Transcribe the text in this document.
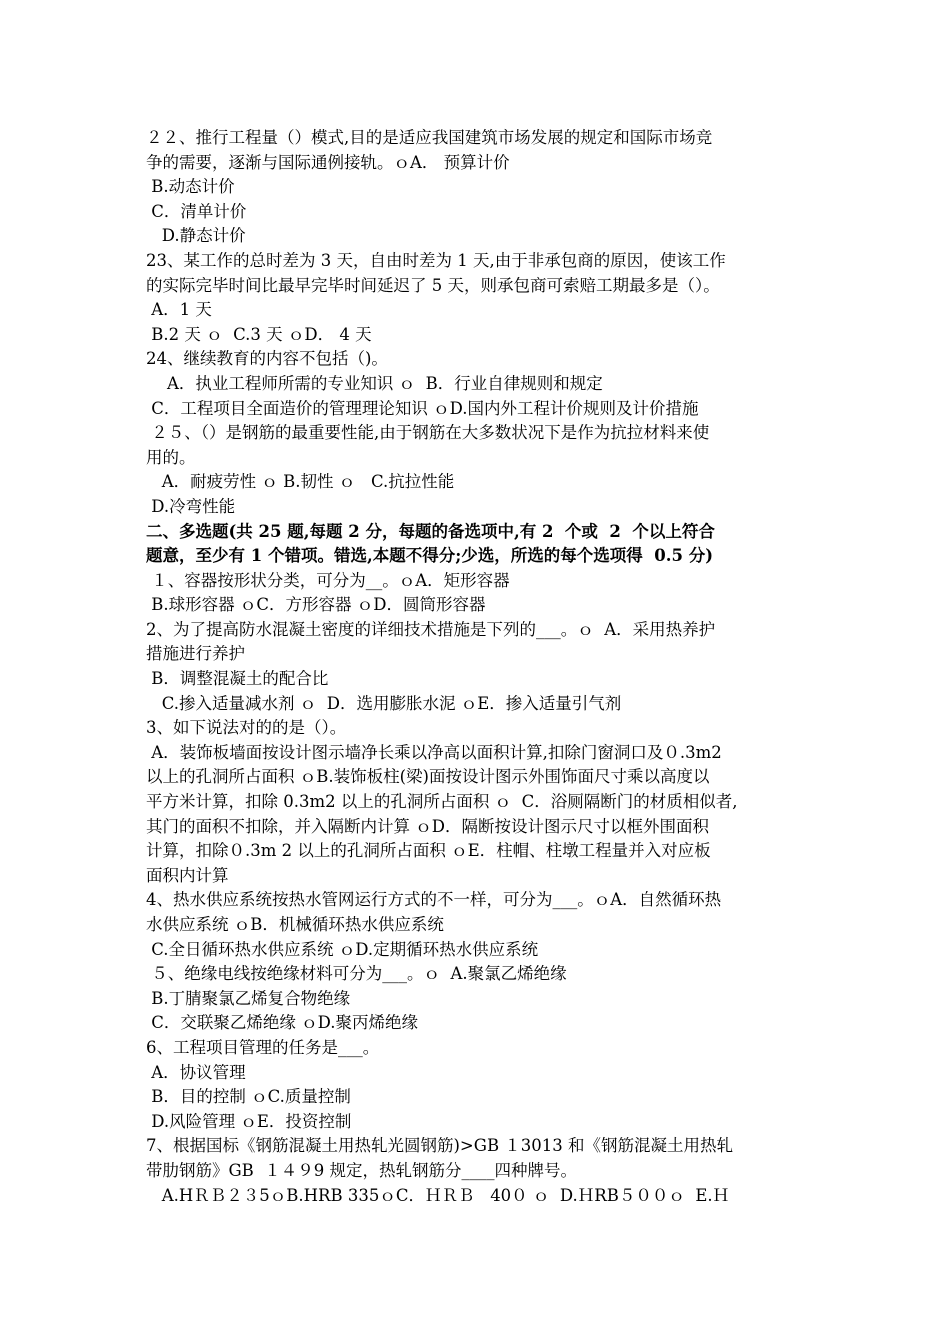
２２、推行工程量（）模式,目的是适应我国建筑市场发展的规定和国际市场竞
争的需要，逐渐与国际通例接轨。ｏA． 预算计价
B.动态计价
C．清单计价
D.静态计价
23、某工作的总时差为 3 天，自由时差为 1 天,由于非承包商的原因，使该工作
的实际完毕时间比最早完毕时间延迟了 5 天，则承包商可索赔工期最多是（）。
A．1 天
B.2 天 ｏ  C.3 天 ｏD． 4 天
24、继续教育的内容不包括（)。
A．执业工程师所需的专业知识 ｏ  B．行业自律规则和规定
C．工程项目全面造价的管理理论知识 ｏD.国内外工程计价规则及计价措施
２５、（）是钢筋的最重要性能,由于钢筋在大多数状况下是作为抗拉材料来使
用的。
A．耐疲劳性 ｏ B.韧性 ｏ   C.抗拉性能
D.冷弯性能
二、多选题(共 25 题,每题 2 分，每题的备选项中,有 2  个或  2  个以上符合
题意，至少有 1 个错项。错选,本题不得分;少选，所选的每个选项得  0.5 分)
１、容器按形状分类，可分为__。ｏA．矩形容器
B.球形容器 ｏC．方形容器 ｏD．圆筒形容器
2、为了提高防水混凝土密度的详细技术措施是下列的___。ｏ  A．采用热养护
措施进行养护
B．调整混凝土的配合比
C.掺入适量减水剂 ｏ  D．选用膨胀水泥 ｏE．掺入适量引气剂
3、如下说法对的的是（）。
A．装饰板墙面按设计图示墙净长乘以净高以面积计算,扣除门窗洞口及０.3m2
以上的孔洞所占面积 ｏB.装饰板柱(梁)面按设计图示外围饰面尺寸乘以高度以
平方米计算，扣除 0.3m2 以上的孔洞所占面积 ｏ  C．浴厕隔断门的材质相似者,
其门的面积不扣除，并入隔断内计算 ｏD．隔断按设计图示尺寸以框外围面积
计算，扣除０.3m 2 以上的孔洞所占面积 ｏE．柱帽、柱墩工程量并入对应板
面积内计算
4、热水供应系统按热水管网运行方式的不一样，可分为___。ｏA．自然循环热
水供应系统 ｏB．机械循环热水供应系统
C.全日循环热水供应系统 ｏD.定期循环热水供应系统
５、绝缘电线按绝缘材料可分为___。ｏ  A.聚氯乙烯绝缘
B.丁腈聚氯乙烯复合物绝缘
C．交联聚乙烯绝缘 ｏD.聚丙烯绝缘
6、工程项目管理的任务是___。
A．协议管理
B．目的控制 ｏC.质量控制
D.风险管理 ｏE．投资控制
7、根据国标《钢筋混凝土用热轧光圆钢筋)>GB １3013 和《钢筋混凝土用热轧
带肋钢筋》GB  １４９9 规定，热轧钢筋分____四种牌号。
A.HＲＢ２３5ｏB.HRB 335ｏC．ＨＲＢ   40０ ｏ  D.ＨRB５００ｏ  E.Ｈ
